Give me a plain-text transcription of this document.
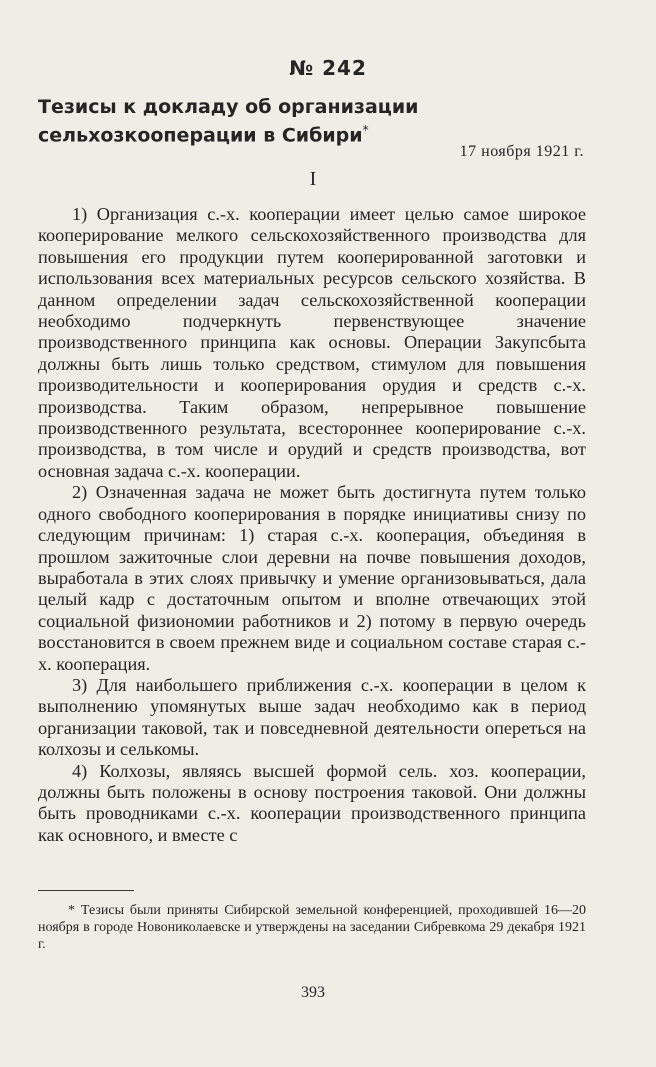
№ 242
Тезисы к докладу об организации сельхозкооперации в Сибири*
17 ноября 1921 г.
I

1) Организация с.-х. кооперации имеет целью самое широкое кооперирование мелкого сельскохозяйственного производства для повышения его продукции путем кооперированной заготовки и использования всех материальных ресурсов сельского хозяйства. В данном определении задач сельскохозяйственной кооперации необходимо подчеркнуть первенствующее значение производственного принципа как основы. Операции Закупсбыта должны быть лишь только средством, стимулом для повышения производительности и кооперирования орудия и средств с.-х. производства. Таким образом, непрерывное повышение производственного результата, всестороннее кооперирование с.-х. производства, в том числе и орудий и средств производства, вот основная задача с.-х. кооперации.

2) Означенная задача не может быть достигнута путем только одного свободного кооперирования в порядке инициативы снизу по следующим причинам: 1) старая с.-х. кооперация, объединяя в прошлом зажиточные слои деревни на почве повышения доходов, выработала в этих слоях привычку и умение организовываться, дала целый кадр с достаточным опытом и вполне отвечающих этой социальной физиономии работников и 2) потому в первую очередь восстановится в своем прежнем виде и социальном составе старая с.-х. кооперация.

3) Для наибольшего приближения с.-х. кооперации в целом к выполнению упомянутых выше задач необходимо как в период организации таковой, так и повседневной деятельности опереться на колхозы и селькомы.

4) Колхозы, являясь высшей формой сель. хоз. кооперации, должны быть положены в основу построения таковой. Они должны быть проводниками с.-х. кооперации производственного принципа как основного, и вместе с

* Тезисы были приняты Сибирской земельной конференцией, проходившей 16—20 ноября в городе Новониколаевске и утверждены на заседании Сибревкома 29 декабря 1921 г.

393
